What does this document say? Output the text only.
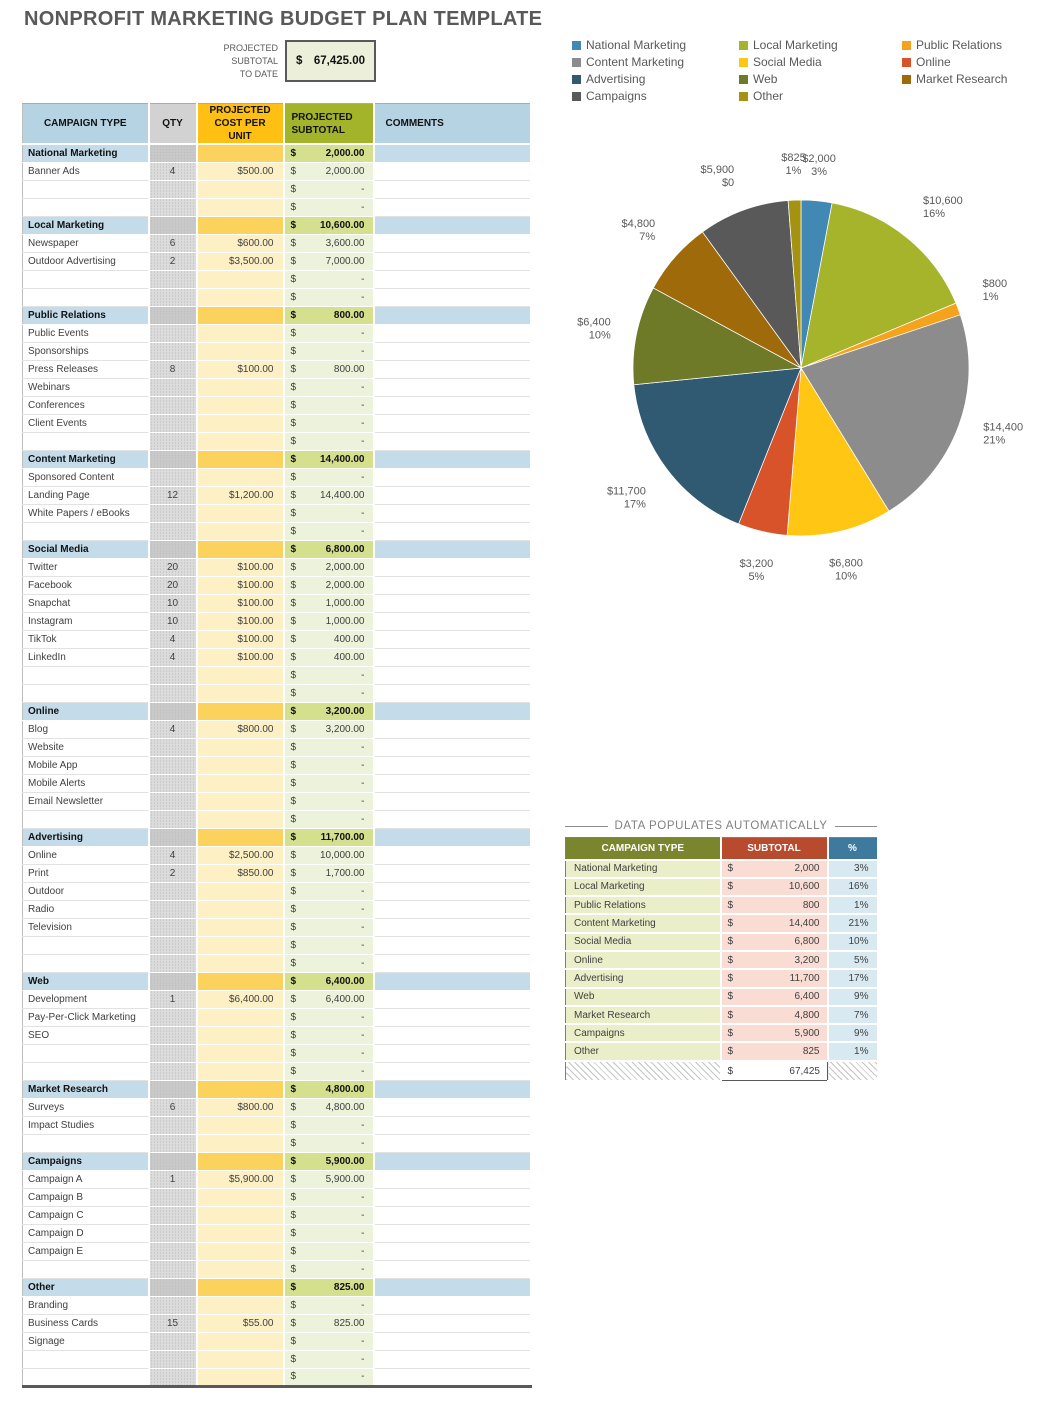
NONPROFIT MARKETING BUDGET PLAN TEMPLATE
PROJECTED
SUBTOTAL
TO DATE
$ 67,425.00
CAMPAIGN TYPE	QTY	PROJECTED COST PER UNIT	PROJECTED SUBTOTAL	COMMENTS
National Marketing			$ 2,000.00	

Banner Ads	4	$500.00	$ 2,000.00	

			$ -	

			$ -	

Local Marketing			$ 10,600.00	

Newspaper	6	$600.00	$ 3,600.00	

Outdoor Advertising	2	$3,500.00	$ 7,000.00	

			$ -	

			$ -	

Public Relations			$ 800.00	

Public Events			$ -	

Sponsorships			$ -	

Press Releases	8	$100.00	$ 800.00	

Webinars			$ -	

Conferences			$ -	

Client Events			$ -	

			$ -	

Content Marketing			$ 14,400.00	

Sponsored Content			$ -	

Landing Page	12	$1,200.00	$ 14,400.00	

White Papers / eBooks			$ -	

			$ -	

Social Media			$ 6,800.00	

Twitter	20	$100.00	$ 2,000.00	

Facebook	20	$100.00	$ 2,000.00	

Snapchat	10	$100.00	$ 1,000.00	

Instagram	10	$100.00	$ 1,000.00	

TikTok	4	$100.00	$ 400.00	

LinkedIn	4	$100.00	$ 400.00	

			$ -	

			$ -	

Online			$ 3,200.00	

Blog	4	$800.00	$ 3,200.00	

Website			$ -	

Mobile App			$ -	

Mobile Alerts			$ -	

Email Newsletter			$ -	

			$ -	

Advertising			$ 11,700.00	

Online	4	$2,500.00	$ 10,000.00	

Print	2	$850.00	$ 1,700.00	

Outdoor			$ -	

Radio			$ -	

Television			$ -	

			$ -	

			$ -	

Web			$ 6,400.00	

Development	1	$6,400.00	$ 6,400.00	

Pay-Per-Click Marketing			$ -	

SEO			$ -	

			$ -	

			$ -	

Market Research			$ 4,800.00	

Surveys	6	$800.00	$ 4,800.00	

Impact Studies			$ -	

			$ -	

Campaigns			$ 5,900.00	

Campaign A	1	$5,900.00	$ 5,900.00	

Campaign B			$ -	

Campaign C			$ -	

Campaign D			$ -	

Campaign E			$ -	

			$ -	

Other			$ 825.00	

Branding			$ -	

Business Cards	15	$55.00	$ 825.00	

Signage			$ -	

			$ -	

			$ -	

National Marketing	Local Marketing	Public Relations
Content Marketing	Social Media	Online
Advertising	Web	Market Research
Campaigns	Other
$2,000 3%
$10,600 16%
$800 1%
$14,400 21%
$6,800 10%
$3,200 5%
$11,700 17%
$6,400 10%
$4,800 7%
$5,900 $0
$825 1%
DATA POPULATES AUTOMATICALLY
CAMPAIGN TYPE	SUBTOTAL	%
National Marketing	$ 2,000	3%
Local Marketing	$ 10,600	16%
Public Relations	$ 800	1%
Content Marketing	$ 14,400	21%
Social Media	$ 6,800	10%
Online	$ 3,200	5%
Advertising	$ 11,700	17%
Web	$ 6,400	9%
Market Research	$ 4,800	7%
Campaigns	$ 5,900	9%
Other	$ 825	1%

	$ 67,425	
